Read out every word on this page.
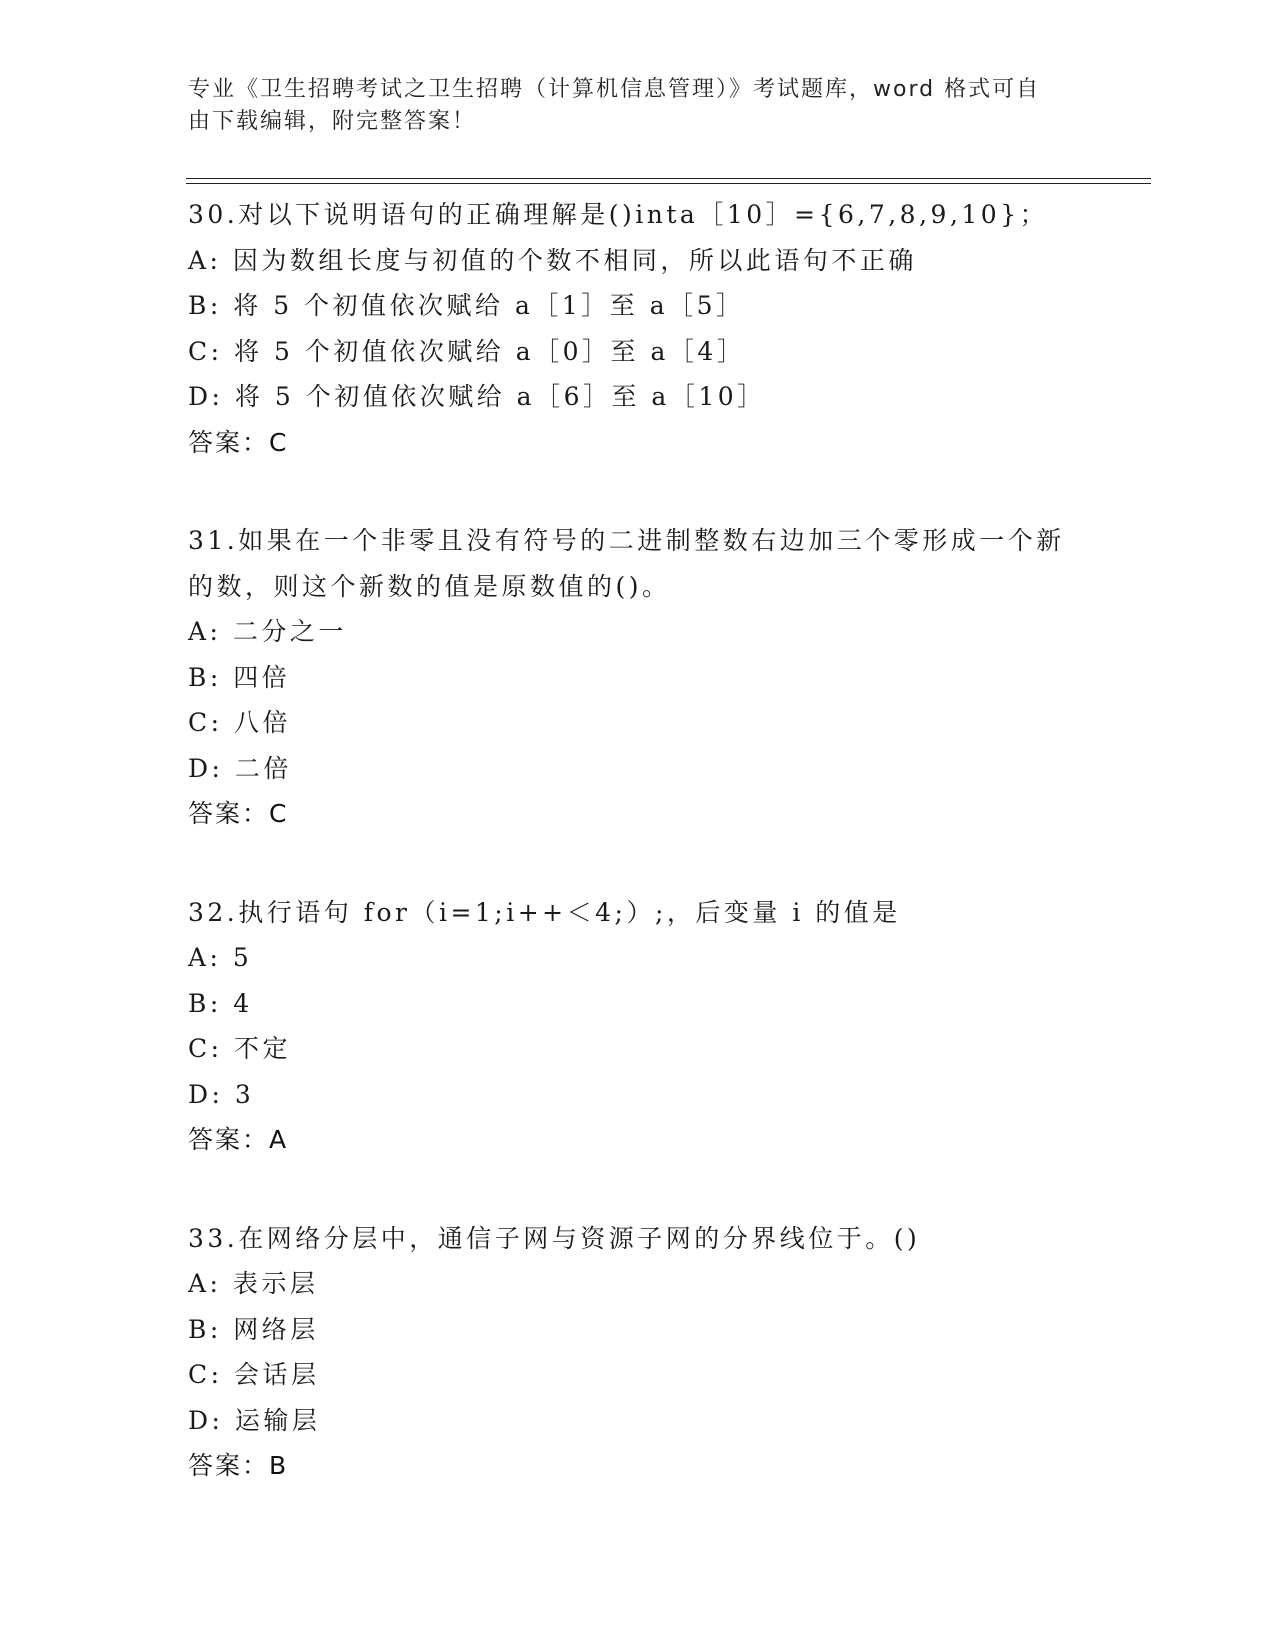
专业《卫生招聘考试之卫生招聘（计算机信息管理）》考试题库，word 格式可自
由下载编辑，附完整答案！
30.对以下说明语句的正确理解是()inta［10］={6,7,8,9,10}；
A: 因为数组长度与初值的个数不相同，所以此语句不正确
B: 将 5 个初值依次赋给 a［1］至 a［5］
C: 将 5 个初值依次赋给 a［0］至 a［4］
D: 将 5 个初值依次赋给 a［6］至 a［10］
答案：C
31.如果在一个非零且没有符号的二进制整数右边加三个零形成一个新
的数，则这个新数的值是原数值的()。
A: 二分之一
B: 四倍
C: 八倍
D: 二倍
答案：C
32.执行语句 for（i=1;i++＜4;）;，后变量 i 的值是
A: 5
B: 4
C: 不定
D: 3
答案：A
33.在网络分层中，通信子网与资源子网的分界线位于。()
A: 表示层
B: 网络层
C: 会话层
D: 运输层
答案：B
